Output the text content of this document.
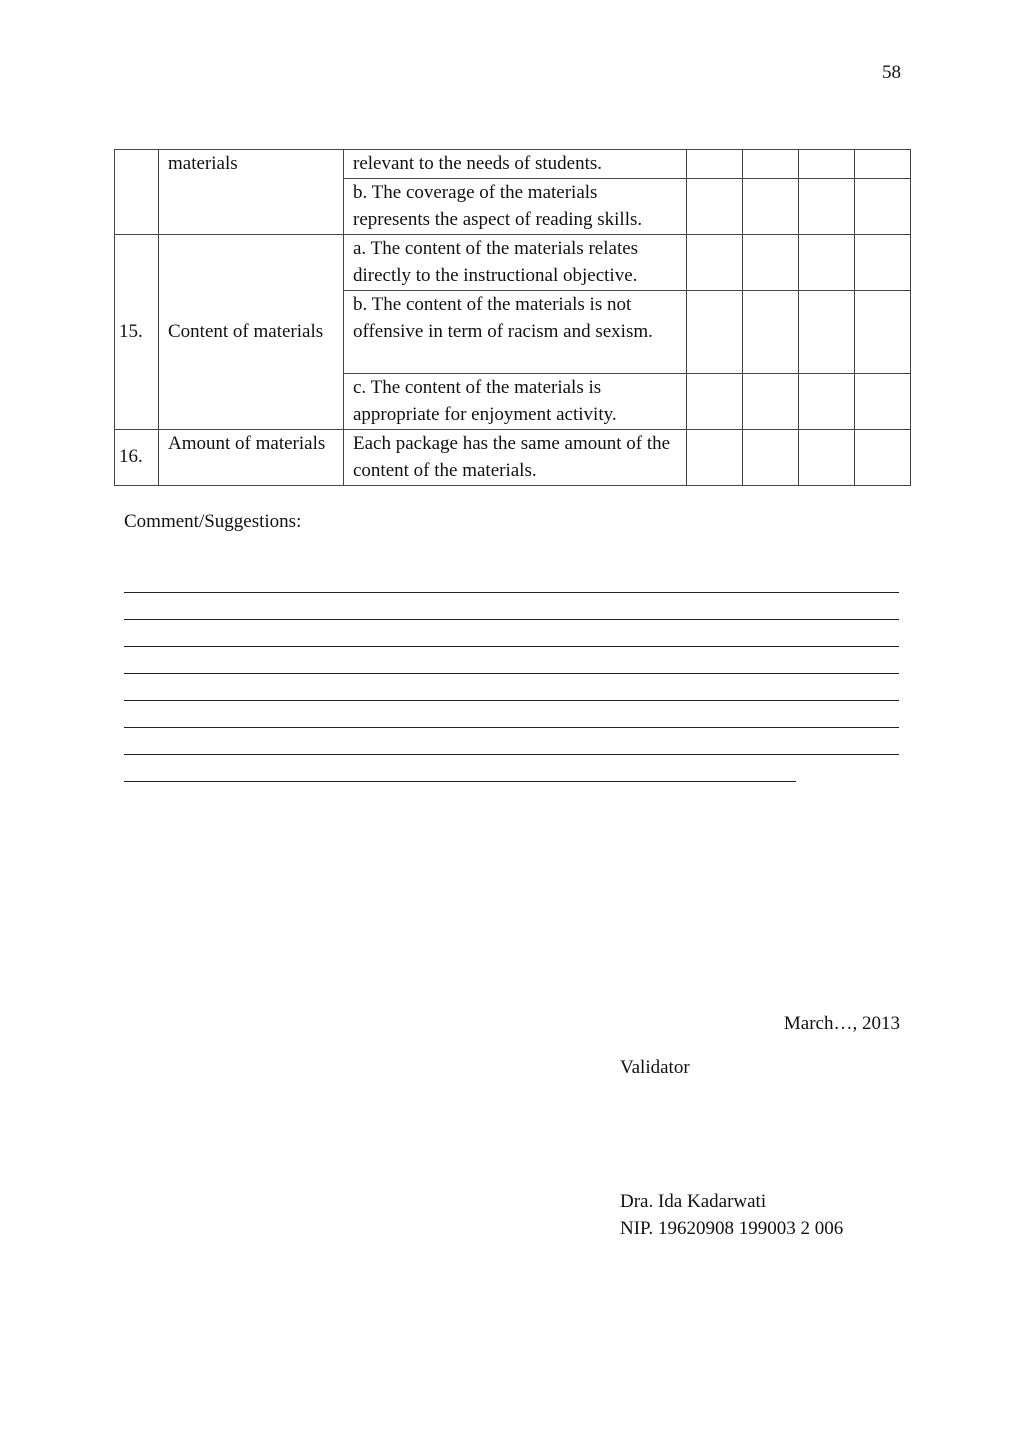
58
	materials	relevant to the needs of students.				
		b. The coverage of the materials represents the aspect of reading skills.				
15.	Content of materials	a. The content of the materials relates directly to the instructional objective.				
		b. The content of the materials is not offensive in term of racism and sexism.				
		c. The content of the materials is appropriate for enjoyment activity.				
16.	Amount of materials	Each package has the same amount of the content of the materials.				
Comment/Suggestions:
March…, 2013
Validator
Dra. Ida Kadarwati
NIP. 19620908 199003 2 006
